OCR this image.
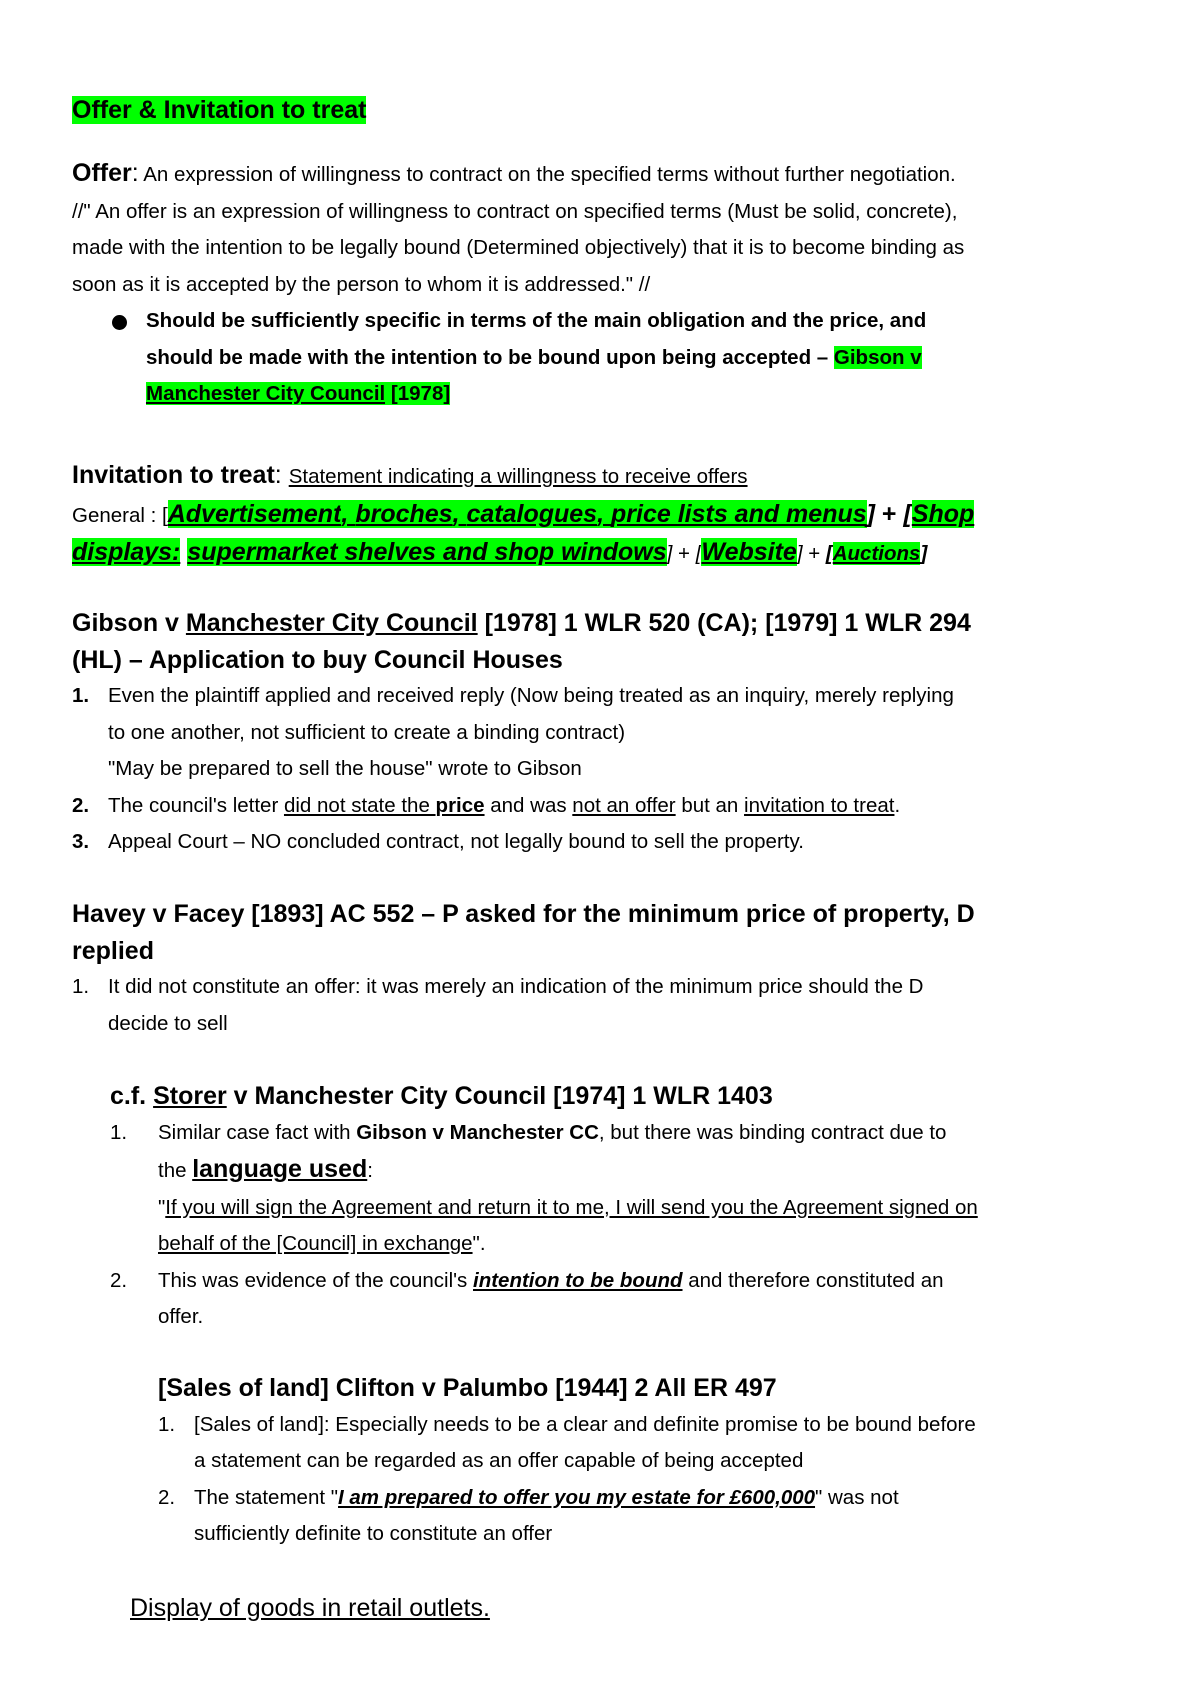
Offer & Invitation to treat

Offer: An expression of willingness to contract on the specified terms without further negotiation.

//" An offer is an expression of willingness to contract on specified terms (Must be solid, concrete),

made with the intention to be legally bound (Determined objectively) that it is to become binding as

soon as it is accepted by the person to whom it is addressed." //

Should be sufficiently specific in terms of the main obligation and the price, and

should be made with the intention to be bound upon being accepted – Gibson v

Manchester City Council [1978]

Invitation to treat: Statement indicating a willingness to receive offers

General : [Advertisement, broches, catalogues, price lists and menus] + [Shop

displays: supermarket shelves and shop windows] + [Website] + [Auctions]

Gibson v Manchester City Council [1978] 1 WLR 520 (CA); [1979] 1 WLR 294

(HL) – Application to buy Council Houses

1. Even the plaintiff applied and received reply (Now being treated as an inquiry, merely replying

to one another, not sufficient to create a binding contract)

"May be prepared to sell the house" wrote to Gibson

2. The council's letter did not state the price and was not an offer but an invitation to treat.

3. Appeal Court – NO concluded contract, not legally bound to sell the property.

Havey v Facey [1893] AC 552 – P asked for the minimum price of property, D

replied

1. It did not constitute an offer: it was merely an indication of the minimum price should the D

decide to sell

c.f. Storer v Manchester City Council [1974] 1 WLR 1403

1. Similar case fact with Gibson v Manchester CC, but there was binding contract due to

the language used:

"If you will sign the Agreement and return it to me, I will send you the Agreement signed on

behalf of the [Council] in exchange".

2. This was evidence of the council's intention to be bound and therefore constituted an

offer.

[Sales of land] Clifton v Palumbo [1944] 2 All ER 497

1. [Sales of land]: Especially needs to be a clear and definite promise to be bound before

a statement can be regarded as an offer capable of being accepted

2. The statement "I am prepared to offer you my estate for £600,000" was not

sufficiently definite to constitute an offer

Display of goods in retail outlets.
